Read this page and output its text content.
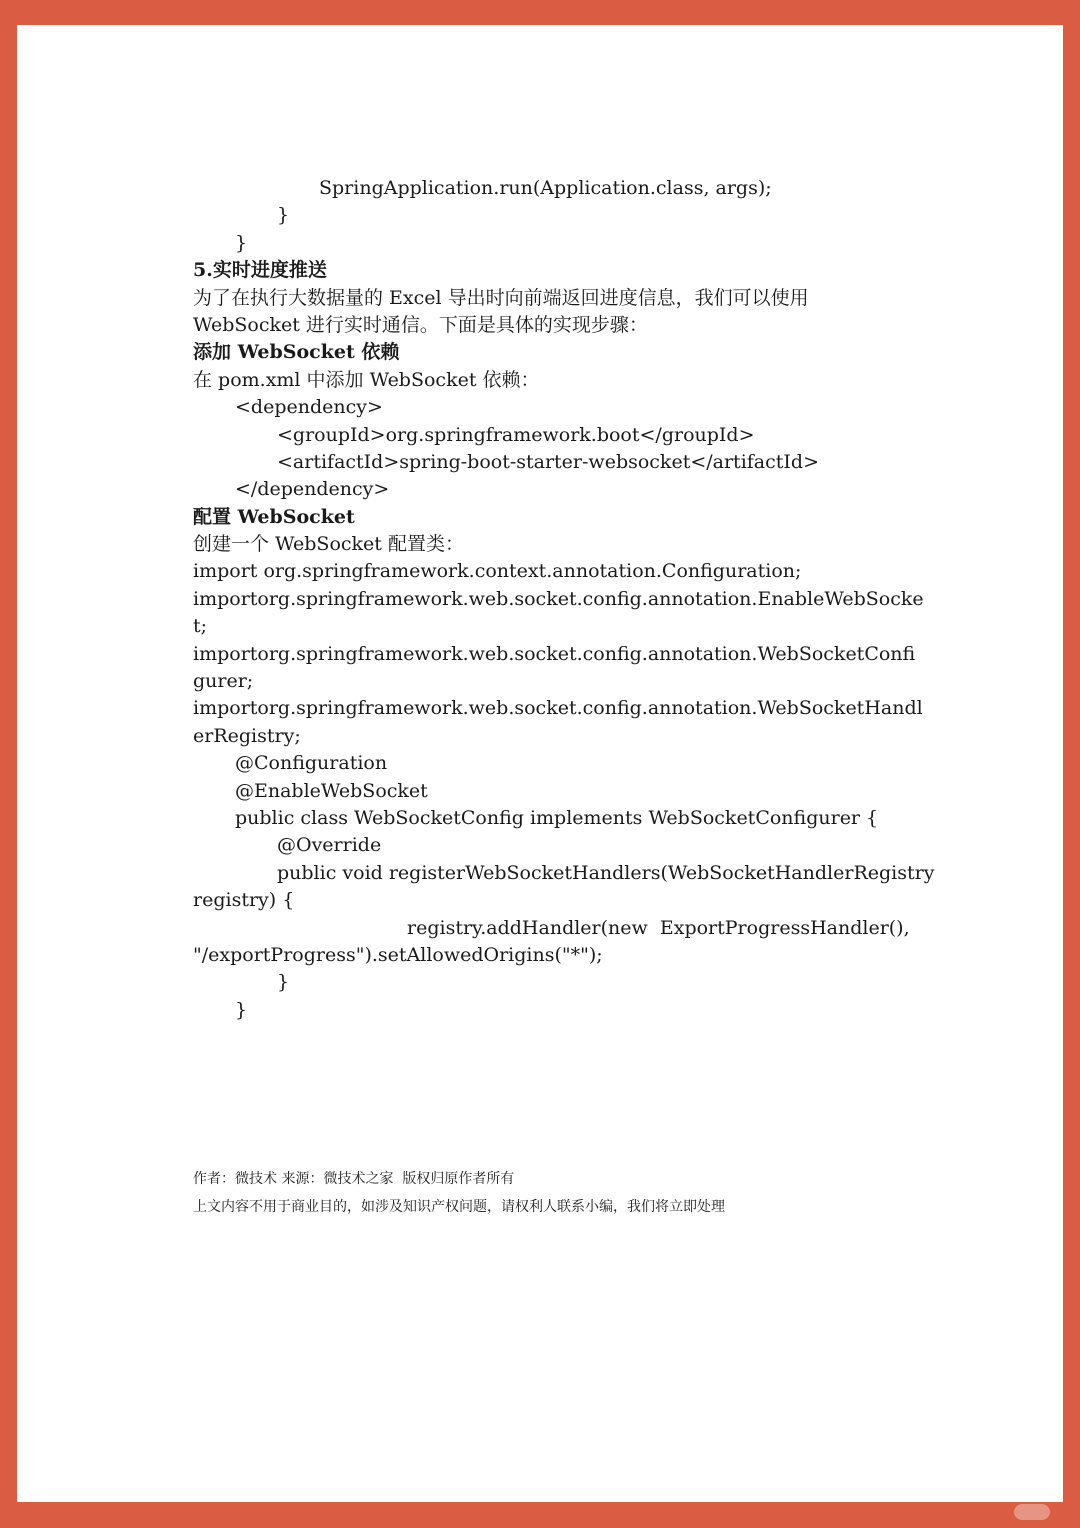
SpringApplication.run(Application.class, args);
}
}
5.实时进度推送
为了在执行大数据量的 Excel 导出时向前端返回进度信息，我们可以使用
WebSocket 进行实时通信。下面是具体的实现步骤：
添加 WebSocket 依赖
在 pom.xml 中添加 WebSocket 依赖：
<dependency>
<groupId>org.springframework.boot</groupId>
<artifactId>spring-boot-starter-websocket</artifactId>
</dependency>
配置 WebSocket
创建一个 WebSocket 配置类：
import org.springframework.context.annotation.Configuration;
importorg.springframework.web.socket.config.annotation.EnableWebSocke
t;
importorg.springframework.web.socket.config.annotation.WebSocketConfi
gurer;
importorg.springframework.web.socket.config.annotation.WebSocketHandl
erRegistry;
@Configuration
@EnableWebSocket
public class WebSocketConfig implements WebSocketConfigurer {
@Override
public void registerWebSocketHandlers(WebSocketHandlerRegistry
registry) {
registry.addHandler(new  ExportProgressHandler(),
"/exportProgress").setAllowedOrigins("*");
}
}
作者：微技术 来源：微技术之家  版权归原作者所有
上文内容不用于商业目的，如涉及知识产权问题，请权利人联系小编，我们将立即处理
